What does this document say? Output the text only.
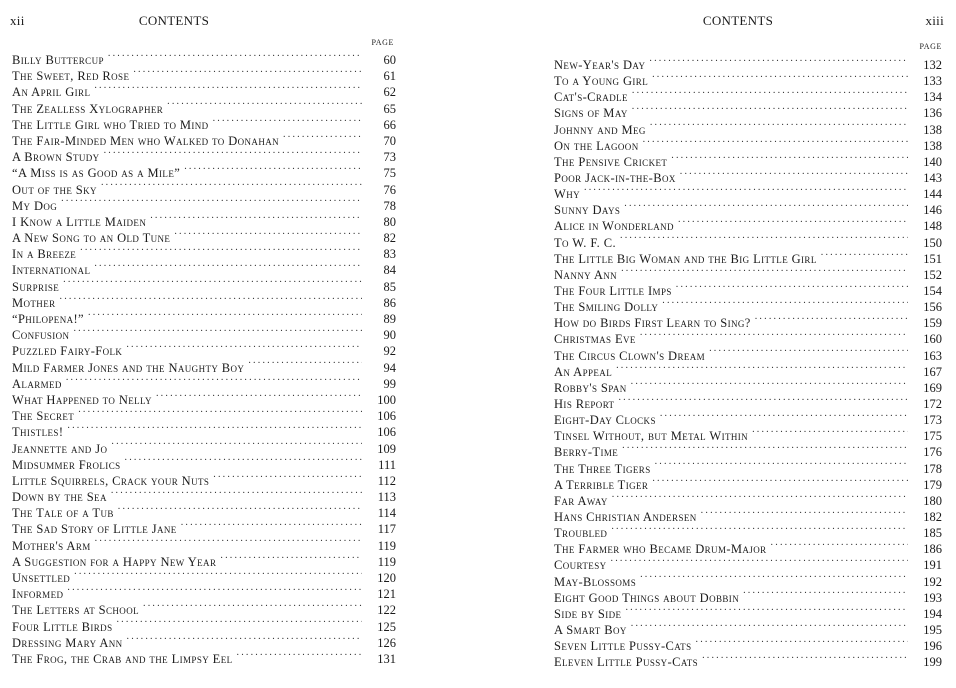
xii	CONTENTS
PAGE
Billy Buttercup .....	60
The Sweet, Red Rose .....	61
An April Girl .....	62
The Zealless Xylographer .....	65
The Little Girl who Tried to Mind .....	66
The Fair-Minded Men who Walked to Donahan .....	70
A Brown Study .....	73
“A Miss is as Good as a Mile” .....	75
Out of the Sky .....	76
My Dog .....	78
I Know a Little Maiden .....	80
A New Song to an Old Tune .....	82
In a Breeze .....	83
International .....	84
Surprise .....	85
Mother .....	86
“Philopena!” .....	89
Confusion .....	90
Puzzled Fairy-Folk .....	92
Mild Farmer Jones and the Naughty Boy .....	94
Alarmed .....	99
What Happened to Nelly .....	100
The Secret .....	106
Thistles! .....	106
Jeannette and Jo .....	109
Midsummer Frolics .....	111
Little Squirrels, Crack your Nuts .....	112
Down by the Sea .....	113
The Tale of a Tub .....	114
The Sad Story of Little Jane .....	117
Mother's Arm .....	119
A Suggestion for a Happy New Year .....	119
Unsettled .....	120
Informed .....	121
The Letters at School .....	122
Four Little Birds .....	125
Dressing Mary Ann .....	126
The Frog, the Crab and the Limpsy Eel .....	131
CONTENTS	xiii
PAGE
New-Year's Day .....	132
To a Young Girl .....	133
Cat's-Cradle .....	134
Signs of May .....	136
Johnny and Meg .....	138
On the Lagoon .....	138
The Pensive Cricket .....	140
Poor Jack-in-the-Box .....	143
Why .....	144
Sunny Days .....	146
Alice in Wonderland .....	148
To W. F. C. .....	150
The Little Big Woman and the Big Little Girl .....	151
Nanny Ann .....	152
The Four Little Imps .....	154
The Smiling Dolly .....	156
How do Birds First Learn to Sing? .....	159
Christmas Eve .....	160
The Circus Clown's Dream .....	163
An Appeal .....	167
Robby's Span .....	169
His Report .....	172
Eight-Day Clocks .....	173
Tinsel Without, but Metal Within .....	175
Berry-Time .....	176
The Three Tigers .....	178
A Terrible Tiger .....	179
Far Away .....	180
Hans Christian Andersen .....	182
Troubled .....	185
The Farmer who Became Drum-Major .....	186
Courtesy .....	191
May-Blossoms .....	192
Eight Good Things about Dobbin .....	193
Side by Side .....	194
A Smart Boy .....	195
Seven Little Pussy-Cats .....	196
Eleven Little Pussy-Cats .....	199
